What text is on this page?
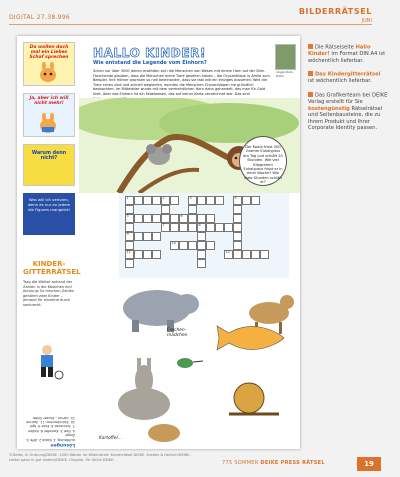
DIGITAL 27.38.996
BILDERRÄTSEL
JUNI
Da wollen doch mal ein Liebes Schaf sprechen
Ja, aber ich will nicht mehr!
Warum denn nicht?
Was will ich verloren, wenn es nur an jedem die Figuren mangelnt!
KINDER- GITTERRÄTSEL
Trag die Wörter anhand der Zahlen in die Kästchen ein! Achtung: Es mischen Zahlen gehören zwei Kinder – jemand für einzelnd durch senkrecht.
Lösungen
Auflösung: 1. Koala 2. Affe 3. Ziege
4. Esel 5. Kartoffel 6. Kolibri
7. Schnecke 8. Ente 9. Igel
10. Eichhörnchen 11. Spinne
12. Lamm – Kinder Gitter
HALLO KINDER!
Wie entstand die Legende vom Einhorn?
Schon vor über 3000 Jahren erzählten sich die Menschen von Wesen mit einem Horn auf der Stirn. Forschende glauben, dass die Menschen echte Tiere gesehen haben – die Oryxantilope in Afrika zum Beispiel. Ihre Hörner wachsen so nah beieinander, dass sie fast wie ein einziges aussehen. Weil die Tiere scheu sind und schnell weglaufen, konnten die Menschen Oryxantilopen nie gründlich beobachten. Im Mittelalter wurde mit dem vermeintlichen Horn dann gehandelt, das man für Gold hielt. Aber das Einhorn ist ein Fabelwesen, das auf keiner Karte verzeichnet war. Das sind
Abgebildete Bilder
Der Koala frisst 500 Gramm Eukalyptus am Tag und schläft 20 Stunden. Wie viel Kilogramm Eukalyptus frisst er in einer Woche? Wie viele Stunden schläft er?
1	2	3	4
5	6
7	8
9
10
11	12
Frechen- mädchen
Kartoffel…

Die Rätselseite Hallo Kinder! im Format DIN A4 ist wöchentlich lieferbar.

Das Kindergitterrätsel ist wöchentlich lieferbar.

Das Grafikerteam bei DEIKE Verlag erstellt für Sie kostengünstig Rätselrätsel und Seitenbausteine, die zu Ihrem Produkt und Ihrer Corporate Identity passen.

©Deike, In Ordnung/DEIKE. 1000 Wörter im Widerstreit: Kinderrätsel DEIKE. Kreativ & tierisch/DEIKE. Leider ganz in gut anders/DEIKE. Original, für Stück DEIKE.
775 SOMMER DEIKE PRESS RÄTSEL	19
